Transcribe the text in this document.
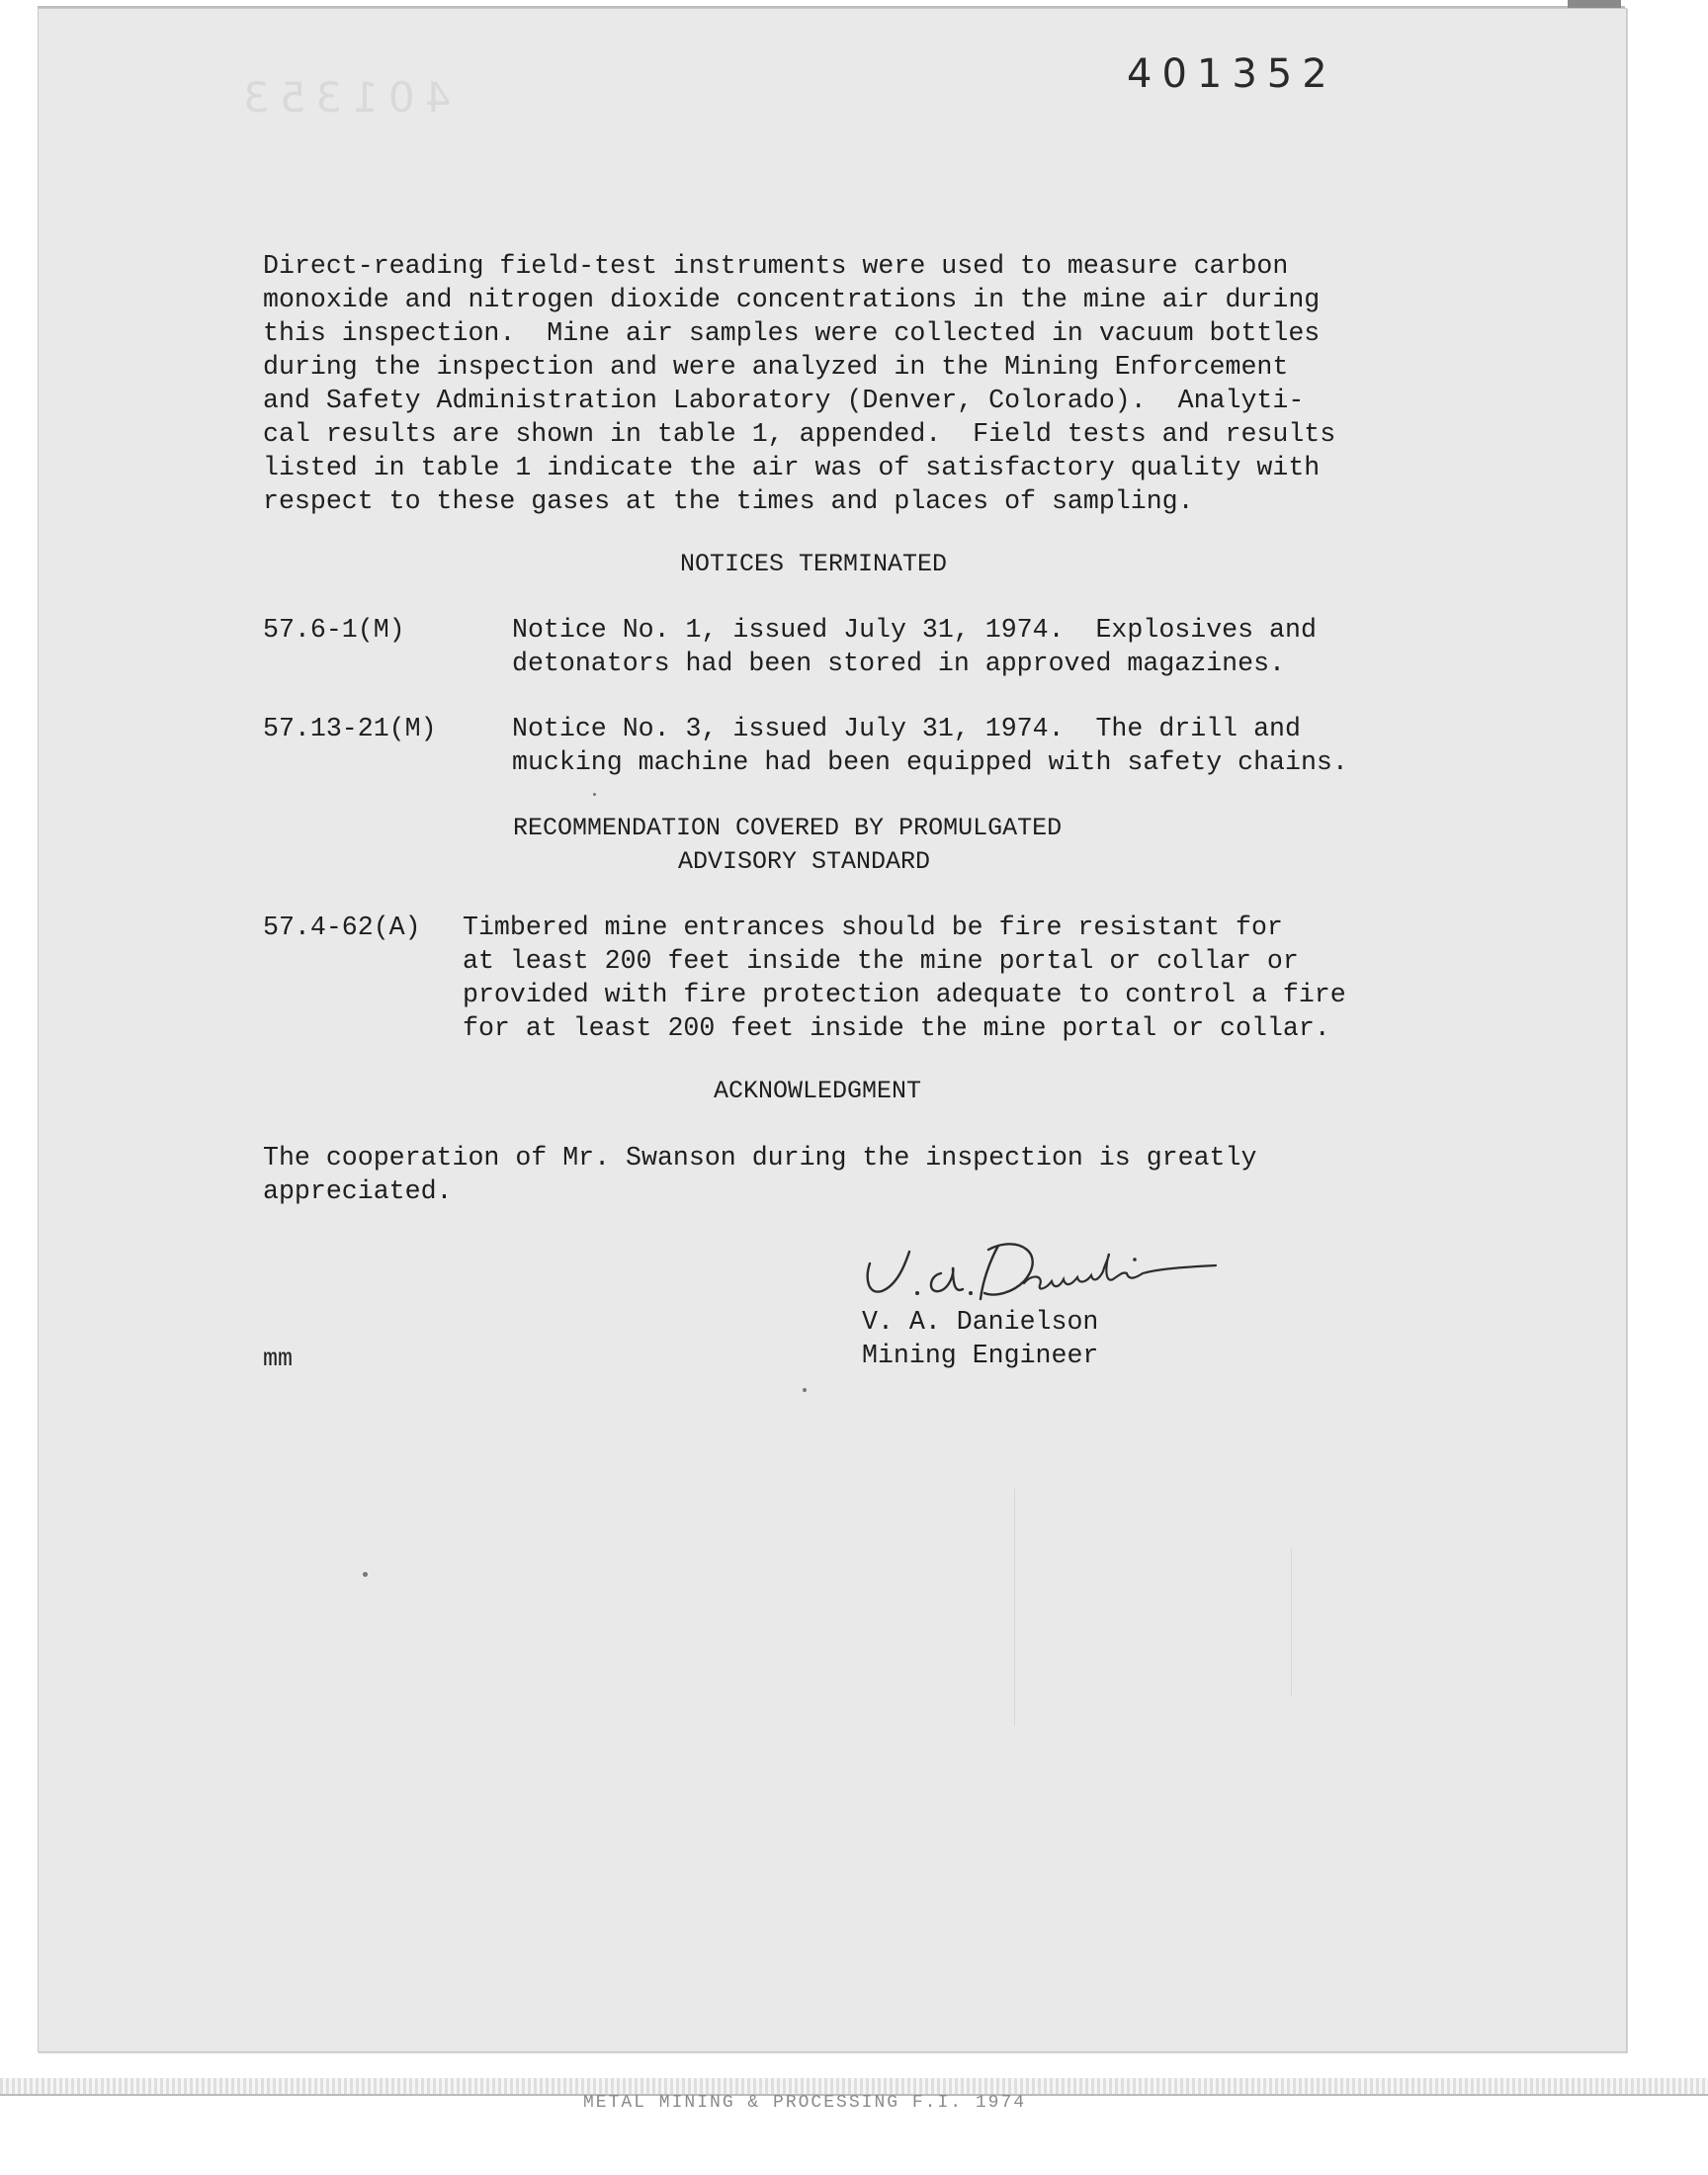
401353	401352
Direct-reading field-test instruments were used to measure carbon
monoxide and nitrogen dioxide concentrations in the mine air during
this inspection.  Mine air samples were collected in vacuum bottles
during the inspection and were analyzed in the Mining Enforcement
and Safety Administration Laboratory (Denver, Colorado).  Analyti-
cal results are shown in table 1, appended.  Field tests and results
listed in table 1 indicate the air was of satisfactory quality with
respect to these gases at the times and places of sampling.
NOTICES TERMINATED
57.6-1(M)	Notice No. 1, issued July 31, 1974.  Explosives and
detonators had been stored in approved magazines.
57.13-21(M)	Notice No. 3, issued July 31, 1974.  The drill and
mucking machine had been equipped with safety chains.
RECOMMENDATION COVERED BY PROMULGATED
ADVISORY STANDARD
57.4-62(A) Timbered mine entrances should be fire resistant for
at least 200 feet inside the mine portal or collar or
provided with fire protection adequate to control a fire
for at least 200 feet inside the mine portal or collar.
ACKNOWLEDGMENT
The cooperation of Mr. Swanson during the inspection is greatly
appreciated.
V. A. Danielson
Mining Engineer
mm
METAL MINING & PROCESSING F.I. 1974
